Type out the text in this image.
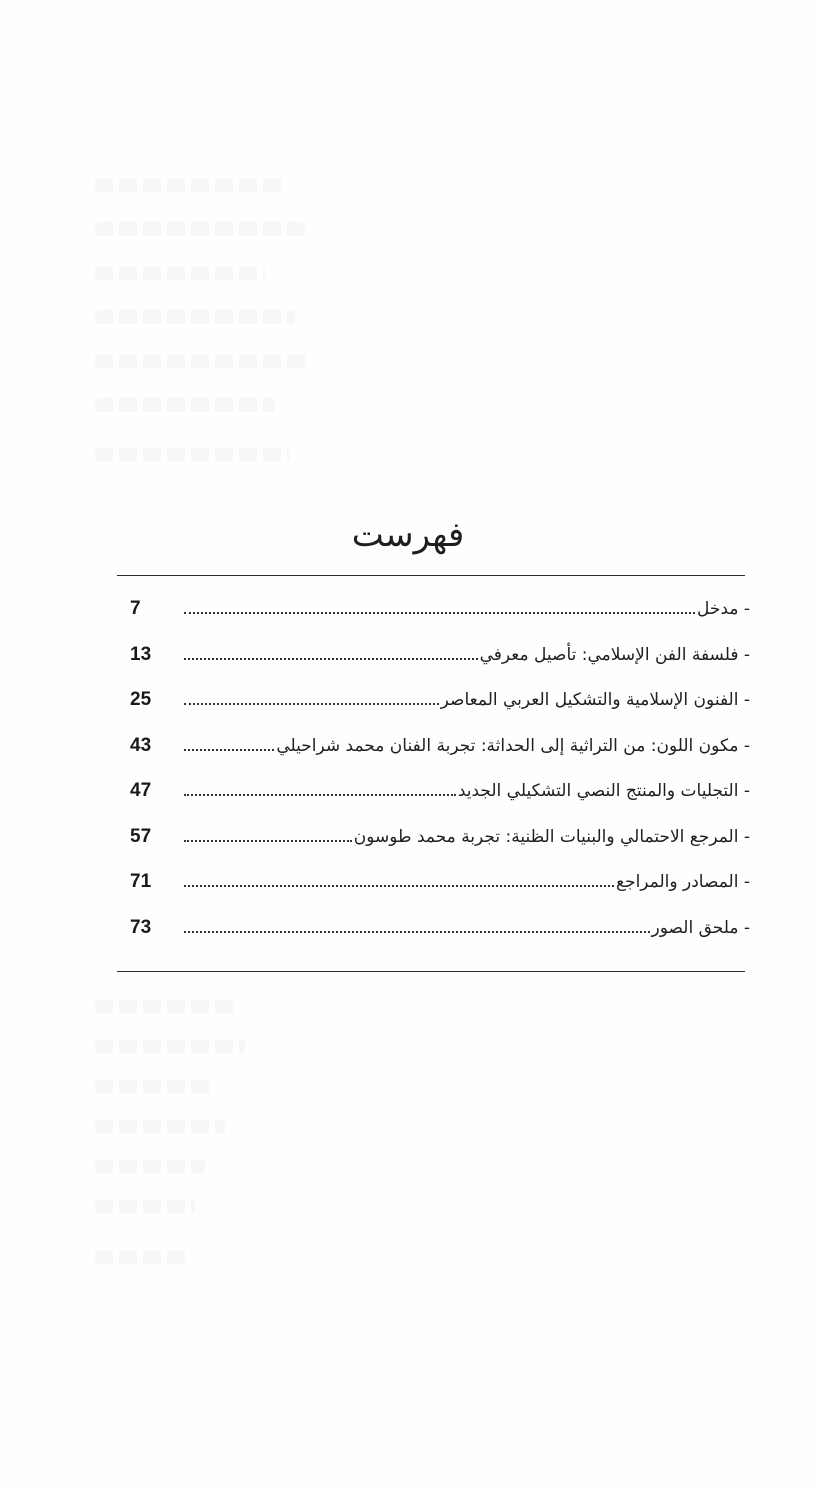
فهرست
- مدخل
7
- فلسفة الفن الإسلامي: تأصيل معرفي
13
- الفنون الإسلامية والتشكيل العربي المعاصر
25
- مكون اللون: من التراثية إلى الحداثة: تجربة الفنان محمد شراحيلي
43
- التجليات والمنتج النصي التشكيلي الجديد
47
- المرجع الاحتمالي والبنيات الظنية: تجربة محمد طوسون
57
- المصادر والمراجع
71
- ملحق الصور
73
